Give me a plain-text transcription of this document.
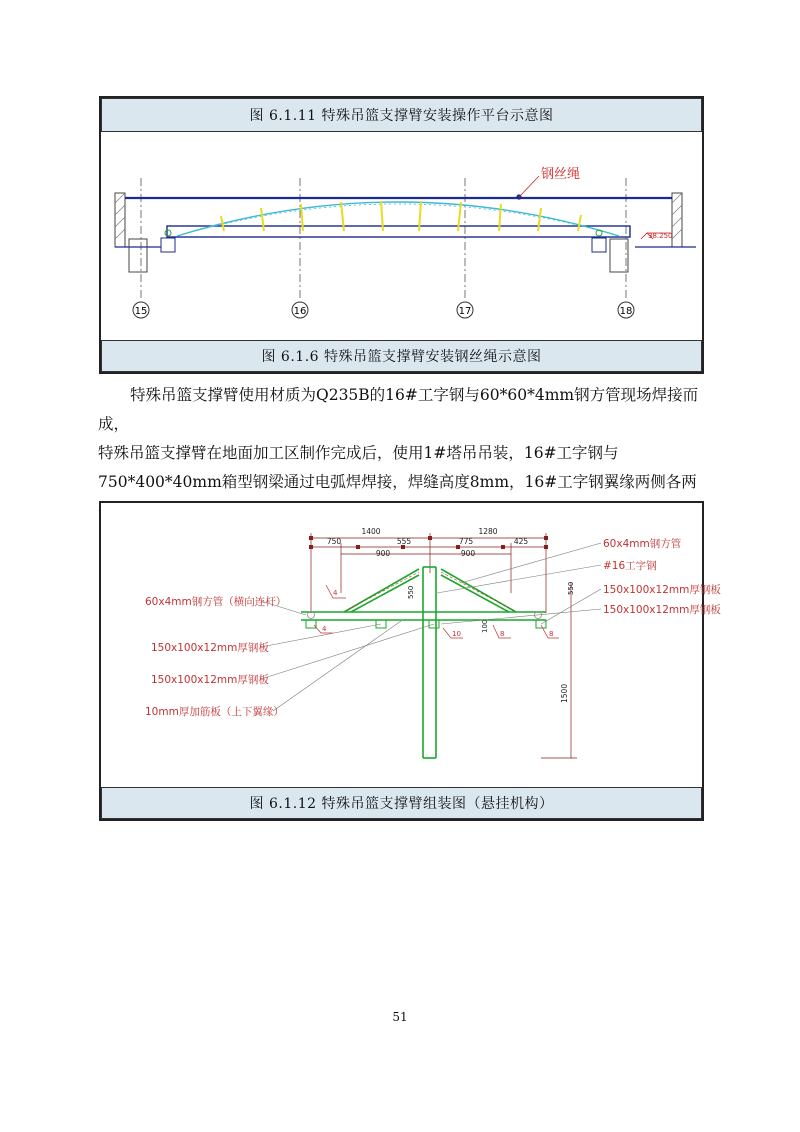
图 6.1.11 特殊吊篮支撑臂安装操作平台示意图
38.250
钢丝绳
15	16	17	18
图 6.1.6 特殊吊篮支撑臂安装钢丝绳示意图

特殊吊篮支撑臂使用材质为Q235B的16#工字钢与60*60*4mm钢方管现场焊接而成，

特殊吊篮支撑臂在地面加工区制作完成后，使用1#塔吊吊装，16#工字钢与

750*400*40mm箱型钢梁通过电弧焊焊接，焊缝高度8mm，16#工字钢翼缘两侧各两

1400	1280
750	555	775	425
900	900
550	550
100
1500
4
4
10	8	8
60x4mm钢方管（横向连杆）
150x100x12mm厚钢板
150x100x12mm厚钢板
10mm厚加筋板（上下翼缘）
60x4mm钢方管
#16工字钢
150x100x12mm厚钢板
150x100x12mm厚钢板
图 6.1.12 特殊吊篮支撑臂组装图（悬挂机构）
51
